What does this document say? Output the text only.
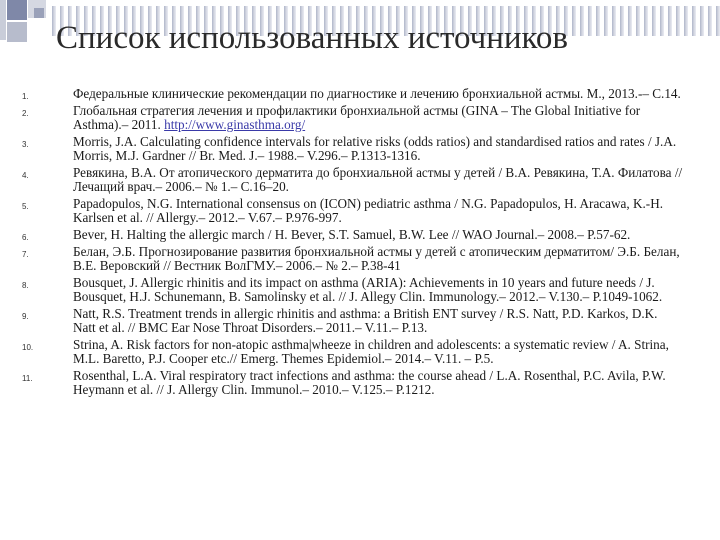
Список использованных источников
1.	Федеральные клинические рекомендации по диагностике и лечению бронхиальной астмы. М., 2013.-– С.14.
2.	Глобальная стратегия лечения и профилактики бронхиальной астмы (GINA – The Global Initiative for Asthma).– 2011. http://www.ginasthma.org/
3.	Morris, J.A. Calculating confidence intervals for relative risks (odds ratios) and standardised ratios and rates / J.A. Morris, M.J. Gardner // Br. Med. J.– 1988.– V.296.– P.1313-1316.
4.	Ревякина, В.А. От атопического дерматита до бронхиальной астмы у детей / В.А. Ревякина, Т.А. Филатова // Лечащий врач.– 2006.– № 1.– С.16–20.
5.	Papadopulos, N.G. International consensus on (ICON) pediatric asthma / N.G. Papadopulos, H. Aracawa, K.-H. Karlsen et al. // Allergy.– 2012.– V.67.– P.976-997.
6.	Bever, H. Halting the allergic march / H. Bever, S.T. Samuel, B.W. Lee // WAO Journal.– 2008.– P.57-62.
7.	Белан, Э.Б. Прогнозирование развития бронхиальной астмы у детей с атопическим дерматитом/ Э.Б. Белан, В.Е. Веровский // Вестник ВолГМУ.– 2006.– № 2.– Р.38-41
8.	Bousquet, J. Allergic rhinitis and its impact on asthma (ARIA): Achievements in 10 years and future needs / J. Bousquet, H.J. Schunemann, B. Samolinsky et al. // J. Allegy Clin. Immunology.– 2012.– V.130.– P.1049-1062.
9.	Natt, R.S. Treatment trends in allergic rhinitis and asthma: a British ENT survey / R.S. Natt, P.D. Karkos, D.K. Natt et al. // BMC Ear Nose Throat Disorders.– 2011.– V.11.– P.13.
10.	Strina, A. Risk factors for non-atopic asthma|wheeze in children and adolescents: a systematic review / A. Strina, M.L. Baretto, P.J. Cooper etc.// Emerg. Themes Epidemiol.– 2014.– V.11. – P.5.
11.	Rosenthal, L.A. Viral respiratory tract infections and asthma: the course ahead / L.A. Rosenthal, P.C. Avila, P.W. Heymann et al. // J. Allergy Clin. Immunol.– 2010.– V.125.– P.1212.
